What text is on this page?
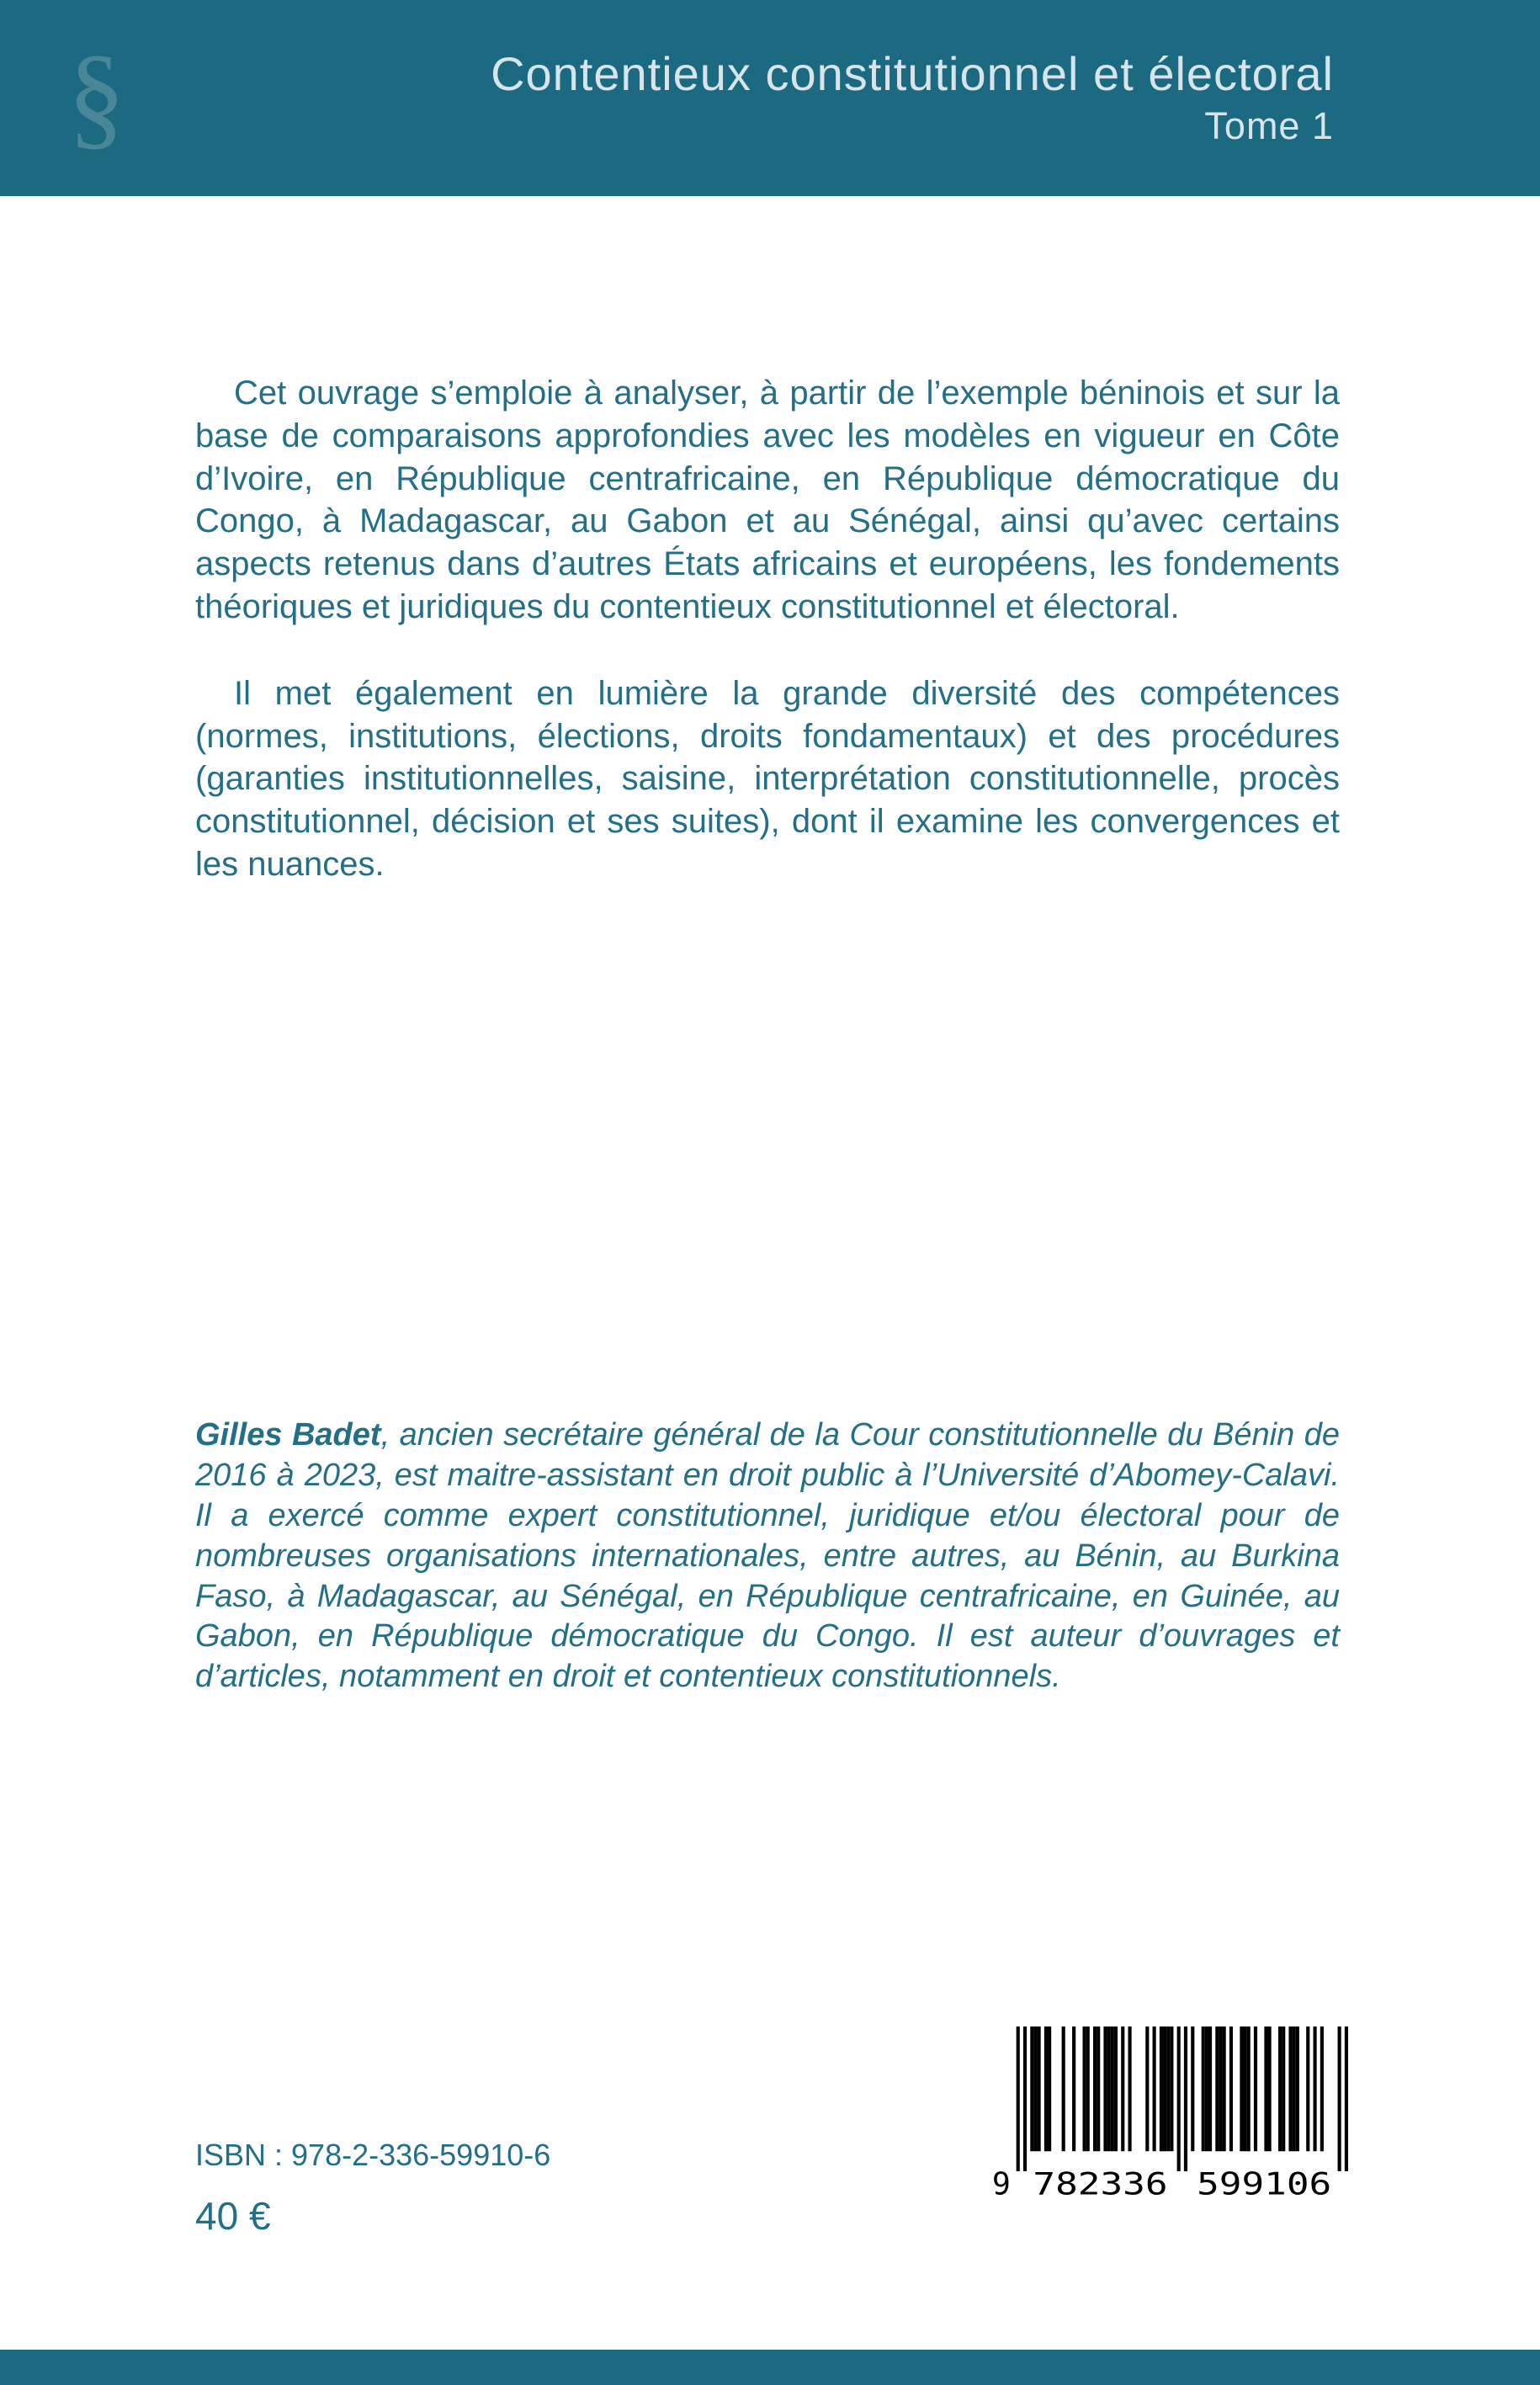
§	Contentieux constitutionnel et électoral
Tome 1

Cet ouvrage s’emploie à analyser, à partir de l’exemple béninois et sur la base de comparaisons approfondies avec les modèles en vigueur en Côte d’Ivoire, en République centrafricaine, en République démocratique du Congo, à Madagascar, au Gabon et au Sénégal, ainsi qu’avec certains aspects retenus dans d’autres États africains et européens, les fondements théoriques et juridiques du contentieux constitutionnel et électoral.

Il met également en lumière la grande diversité des compétences (normes, institutions, élections, droits fondamentaux) et des procédures (garanties institutionnelles, saisine, interprétation constitutionnelle, procès constitutionnel, décision et ses suites), dont il examine les convergences et les nuances.

Gilles Badet, ancien secrétaire général de la Cour constitutionnelle du Bénin de 2016 à 2023, est maitre-assistant en droit public à l’Université d’Abomey-Calavi. Il a exercé comme expert constitutionnel, juridique et/ou électoral pour de nombreuses organisations internationales, entre autres, au Bénin, au Burkina Faso, à Madagascar, au Sénégal, en République centrafricaine, en Guinée, au Gabon, en République démocratique du Congo. Il est auteur d’ouvrages et d’articles, notamment en droit et contentieux constitutionnels.

ISBN : 978-2-336-59910-6
40 €
9 782336 599106
